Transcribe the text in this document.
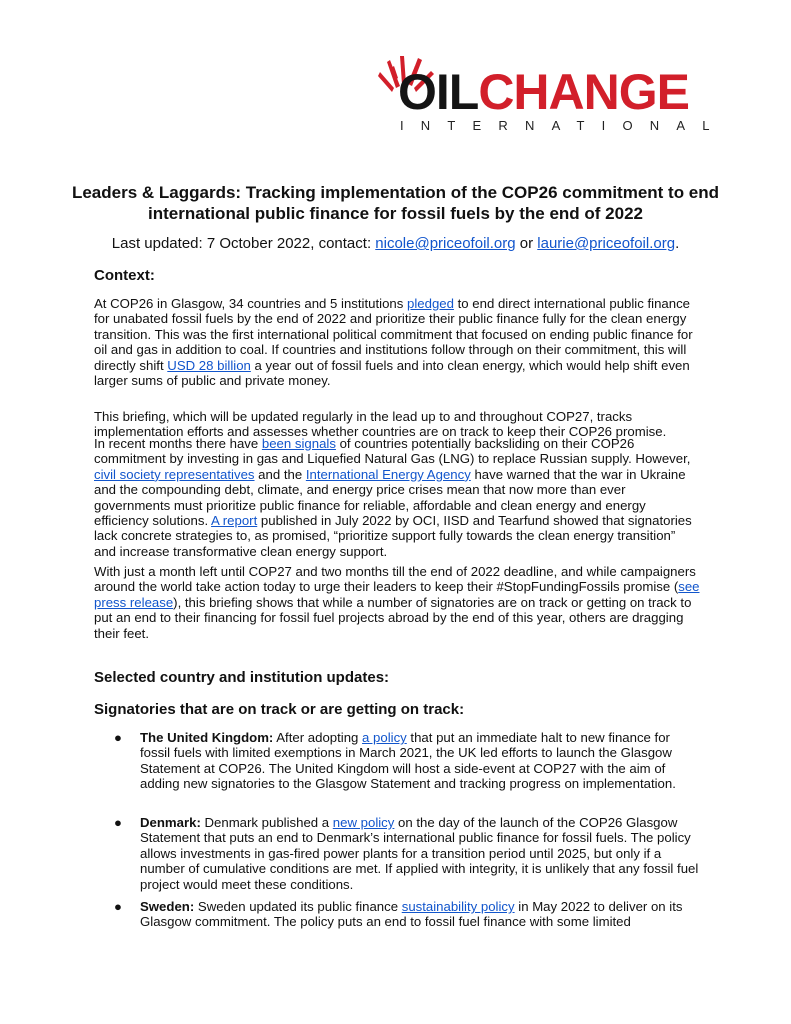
OILCHANGE
INTERNATIONAL
Leaders & Laggards: Tracking implementation of the COP26 commitment to end international public finance for fossil fuels by the end of 2022
Last updated: 7 October 2022, contact: nicole@priceofoil.org or laurie@priceofoil.org.
Context:
At COP26 in Glasgow, 34 countries and 5 institutions pledged to end direct international public finance for unabated fossil fuels by the end of 2022 and prioritize their public finance fully for the clean energy transition. This was the first international political commitment that focused on ending public finance for oil and gas in addition to coal. If countries and institutions follow through on their commitment, this will directly shift USD 28 billion a year out of fossil fuels and into clean energy, which would help shift even larger sums of public and private money.
This briefing, which will be updated regularly in the lead up to and throughout COP27, tracks implementation efforts and assesses whether countries are on track to keep their COP26 promise.
In recent months there have been signals of countries potentially backsliding on their COP26 commitment by investing in gas and Liquefied Natural Gas (LNG) to replace Russian supply. However, civil society representatives and the International Energy Agency have warned that the war in Ukraine and the compounding debt, climate, and energy price crises mean that now more than ever governments must prioritize public finance for reliable, affordable and clean energy and energy efficiency solutions. A report published in July 2022 by OCI, IISD and Tearfund showed that signatories lack concrete strategies to, as promised, “prioritize support fully towards the clean energy transition” and increase transformative clean energy support.
With just a month left until COP27 and two months till the end of 2022 deadline, and while campaigners around the world take action today to urge their leaders to keep their #StopFundingFossils promise (see press release), this briefing shows that while a number of signatories are on track or getting on track to put an end to their financing for fossil fuel projects abroad by the end of this year, others are dragging their feet.
Selected country and institution updates:
Signatories that are on track or are getting on track:
●	The United Kingdom: After adopting a policy that put an immediate halt to new finance for fossil fuels with limited exemptions in March 2021, the UK led efforts to launch the Glasgow Statement at COP26. The United Kingdom will host a side-event at COP27 with the aim of adding new signatories to the Glasgow Statement and tracking progress on implementation.
●	Denmark: Denmark published a new policy on the day of the launch of the COP26 Glasgow Statement that puts an end to Denmark’s international public finance for fossil fuels. The policy allows investments in gas-fired power plants for a transition period until 2025, but only if a number of cumulative conditions are met. If applied with integrity, it is unlikely that any fossil fuel project would meet these conditions.
●	Sweden: Sweden updated its public finance sustainability policy in May 2022 to deliver on its Glasgow commitment. The policy puts an end to fossil fuel finance with some limited
